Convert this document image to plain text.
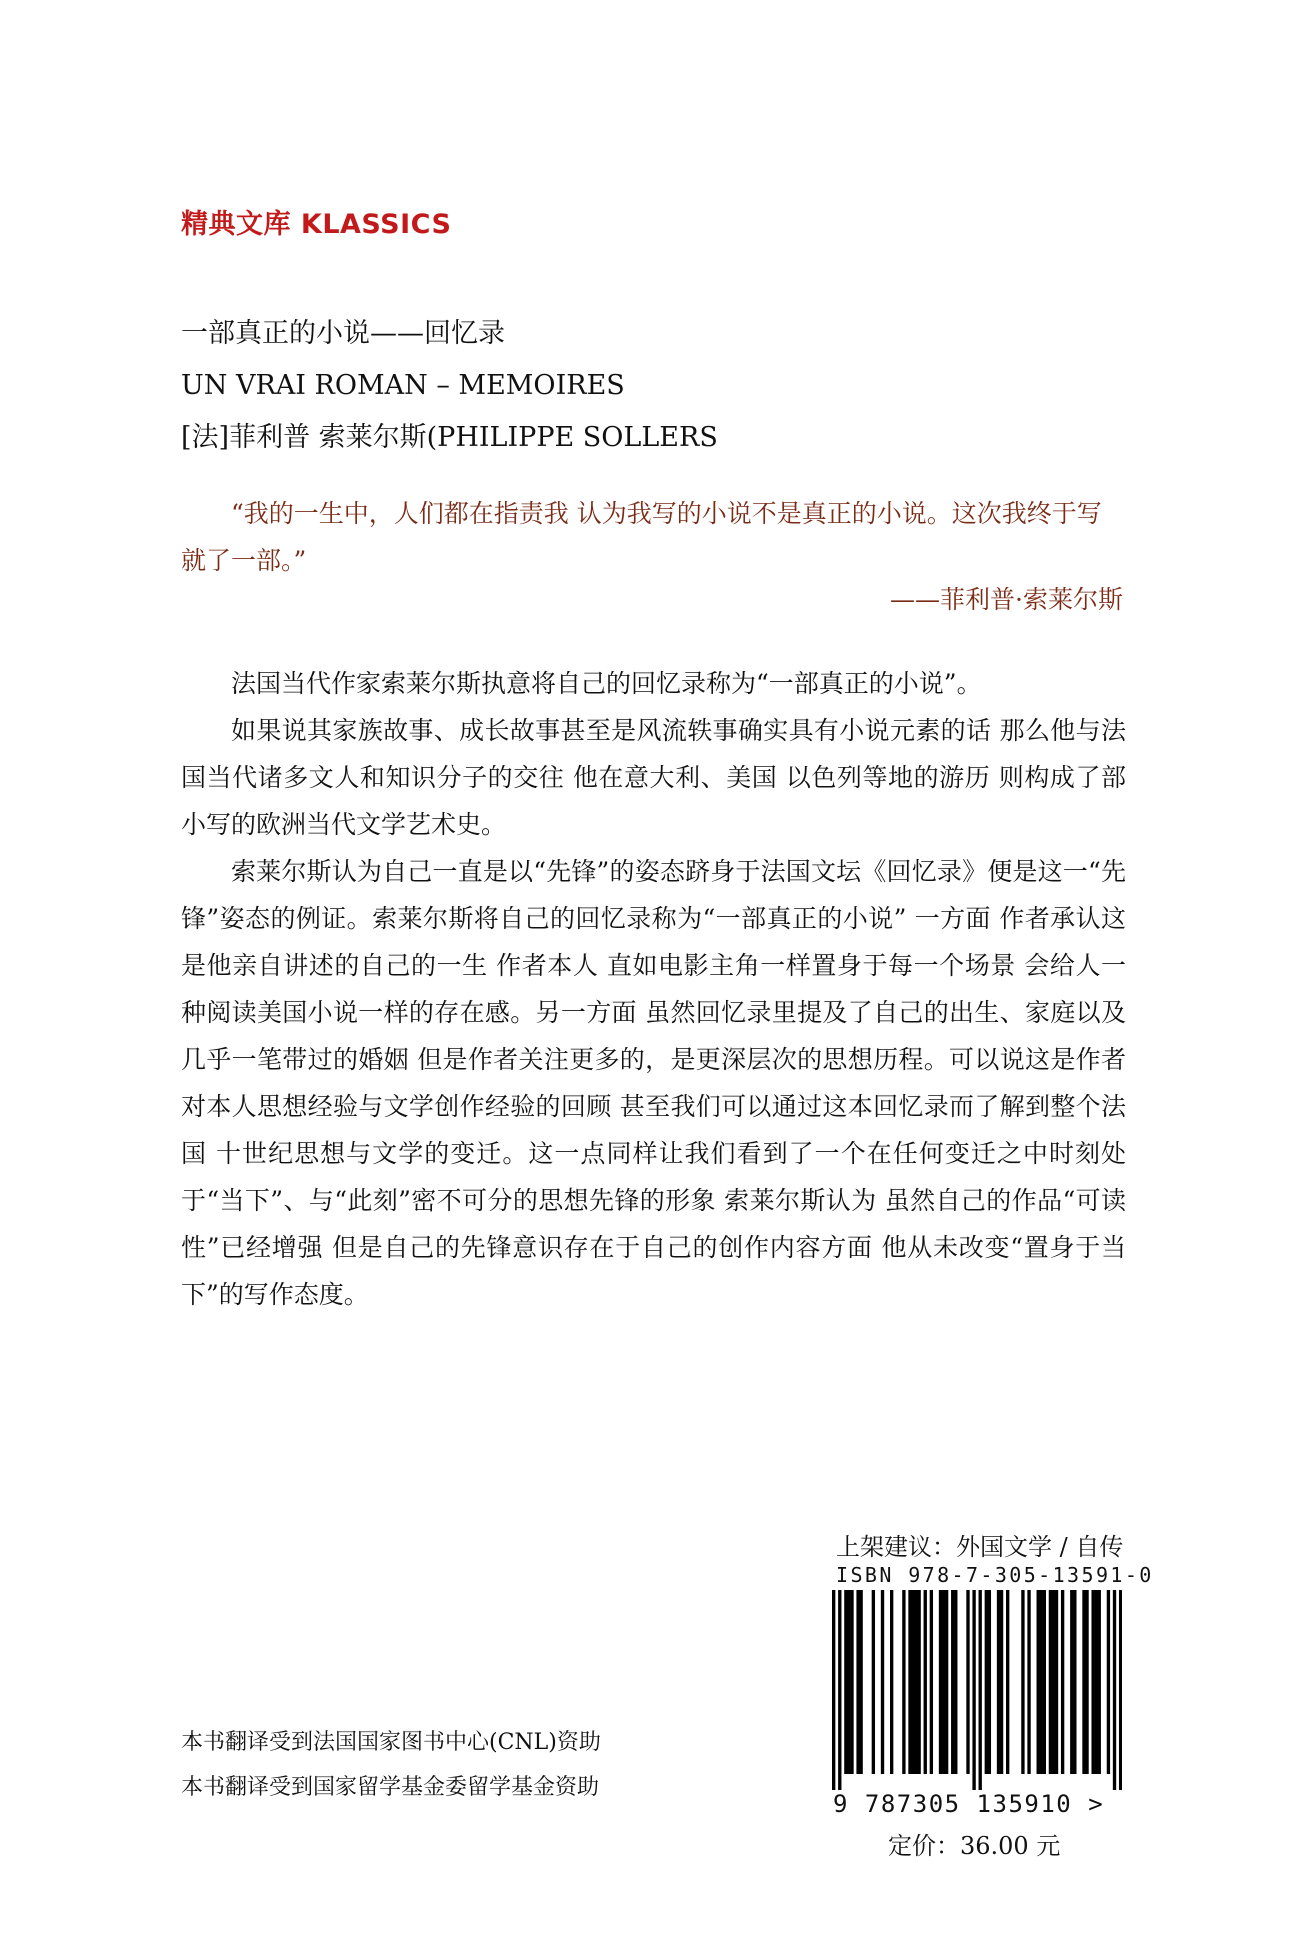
精典文库 KLASSICS
一部真正的小说——回忆录
UN VRAI ROMAN – MEMOIRES
[法]菲利普 索莱尔斯(PHILIPPE SOLLERS
“我的一生中，人们都在指责我 认为我写的小说不是真正的小说。这次我终于写就了一部。”
——菲利普·索莱尔斯

法国当代作家索莱尔斯执意将自己的回忆录称为“一部真正的小说”。

如果说其家族故事、成长故事甚至是风流轶事确实具有小说元素的话 那么他与法国当代诸多文人和知识分子的交往 他在意大利、美国 以色列等地的游历 则构成了部小写的欧洲当代文学艺术史。

索莱尔斯认为自己一直是以“先锋”的姿态跻身于法国文坛《回忆录》便是这一“先锋”姿态的例证。索莱尔斯将自己的回忆录称为“一部真正的小说” 一方面 作者承认这是他亲自讲述的自己的一生 作者本人 直如电影主角一样置身于每一个场景 会给人一种阅读美国小说一样的存在感。另一方面 虽然回忆录里提及了自己的出生、家庭以及几乎一笔带过的婚姻 但是作者关注更多的，是更深层次的思想历程。可以说这是作者对本人思想经验与文学创作经验的回顾 甚至我们可以通过这本回忆录而了解到整个法国 十世纪思想与文学的变迁。这一点同样让我们看到了一个在任何变迁之中时刻处于“当下”、与“此刻”密不可分的思想先锋的形象 索莱尔斯认为 虽然自己的作品“可读性”已经增强 但是自己的先锋意识存在于自己的创作内容方面 他从未改变“置身于当下”的写作态度。

本书翻译受到法国国家图书中心(CNL)资助
本书翻译受到国家留学基金委留学基金资助
上架建议：外国文学 / 自传
ISBN 978-7-305-13591-0
9 787305 135910 >
定价：36.00 元
